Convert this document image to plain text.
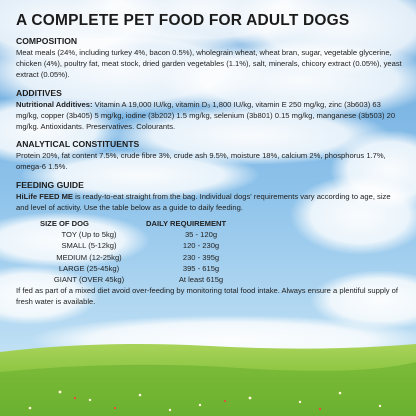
A COMPLETE PET FOOD FOR ADULT DOGS

COMPOSITION

Meat meals (24%, including turkey 4%, bacon 0.5%), wholegrain wheat, wheat bran, sugar, vegetable glycerine, chicken (4%), poultry fat, meat stock, dried garden vegetables (1.1%), salt, minerals, chicory extract (0.05%), yeast extract (0.05%).

ADDITIVES

Nutritional Additives: Vitamin A 19,000 IU/kg, vitamin D₃ 1,800 IU/kg, vitamin E 250 mg/kg, zinc (3b603) 63 mg/kg, copper (3b405) 5 mg/kg, iodine (3b202) 1.5 mg/kg, selenium (3b801) 0.15 mg/kg, manganese (3b503) 20 mg/kg. Antioxidants. Preservatives. Colourants.

ANALYTICAL CONSTITUENTS

Protein 20%, fat content 7.5%, crude fibre 3%, crude ash 9.5%, moisture 18%, calcium 2%, phosphorus 1.7%, omega-6 1.5%.

FEEDING GUIDE

HiLife FEED ME is ready-to-eat straight from the bag. Individual dogs' requirements vary according to age, size and level of activity. Use the table below as a guide to daily feeding.

SIZE OF DOG	DAILY REQUIREMENT
TOY (Up to 5kg)	35 - 120g
SMALL (5-12kg)	120 - 230g
MEDIUM (12-25kg)	230 - 395g
LARGE (25-45kg)	395 - 615g
GIANT (OVER 45kg)	At least 615g

If fed as part of a mixed diet avoid over-feeding by monitoring total food intake. Always ensure a plentiful supply of fresh water is available.
